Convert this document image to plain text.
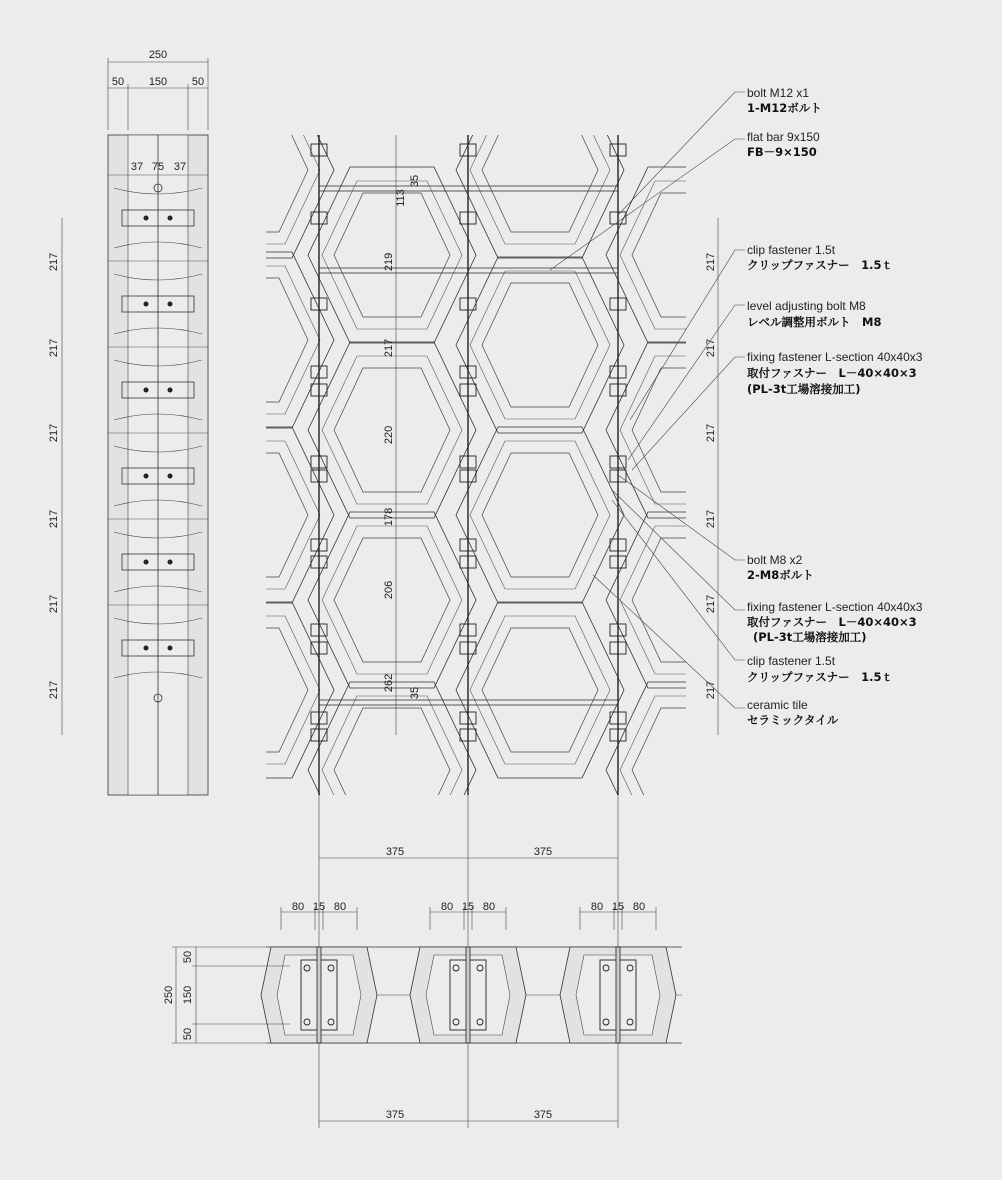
250
50 150 50
37 75 37
217
217
217
217
217
217
113
35
219
217
220
178
206
262
35
217
217
217
217
217
217
bolt M12 x1
1-M12ボルト
flat bar 9x150
FB－9×150
clip fastener 1.5t
クリップファスナー　1.5ｔ
level adjusting bolt M8
レベル調整用ボルト　M8
fixing fastener L-section 40x40x3
取付ファスナー　L－40×40×3
(PL-3t工場溶接加工)
bolt M8 x2
2-M8ボルト
fixing fastener L-section 40x40x3
取付ファスナー　L－40×40×3
(PL-3t工場溶接加工)
clip fastener 1.5t
クリップファスナー　1.5ｔ
ceramic tile
セラミックタイル
375	375
80 15 80	80 15 80	80 15 80
50
150
50
250
375	375
